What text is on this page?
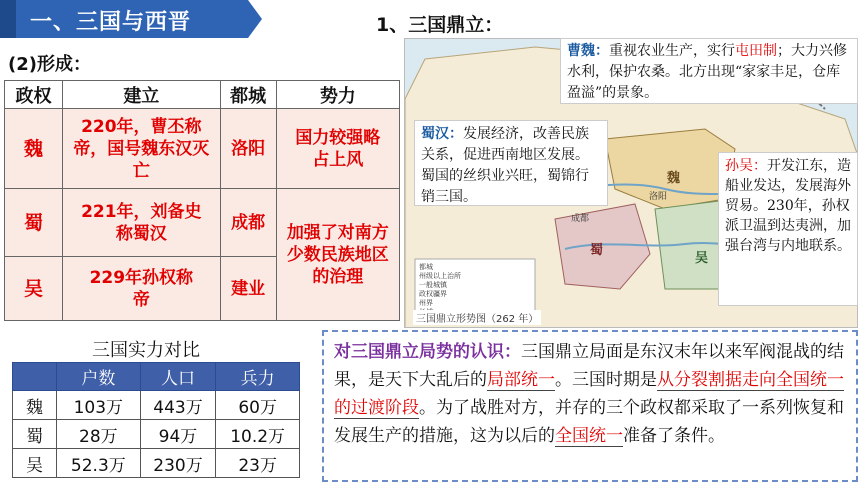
一、三国与西晋	1、三国鼎立：
(2)形成：
政权	建立	都城	势力
魏	220年，曹丕称帝，国号魏东汉灭亡	洛阳	国力较强略占上风
蜀	221年，刘备史称蜀汉	成都	加强了对南方少数民族地区的治理
吴	229年孙权称帝	建业	
三国实力对比
	户数	人口	兵力
魏	103万	443万	60万
蜀	28万	94万	10.2万
吴	52.3万	230万	23万
魏
蜀
吴
洛阳
成都
都城
州级以上治所
一般城镇
政权疆界
州界
三国鼎立形势图（262 年）
曹魏：重视农业生产，实行屯田制；大力兴修水利，保护农桑。北方出现“家家丰足，仓库盈溢”的景象。
蜀汉：发展经济，改善民族关系，促进西南地区发展。蜀国的丝织业兴旺，蜀锦行销三国。
孙吴：开发江东，造船业发达，发展海外贸易。230年，孙权派卫温到达夷洲，加强台湾与内地联系。
对三国鼎立局势的认识：三国鼎立局面是东汉末年以来军阀混战的结果，是天下大乱后的局部统一。三国时期是从分裂割据走向全国统一的过渡阶段。为了战胜对方，并存的三个政权都采取了一系列恢复和发展生产的措施，这为以后的全国统一准备了条件。
